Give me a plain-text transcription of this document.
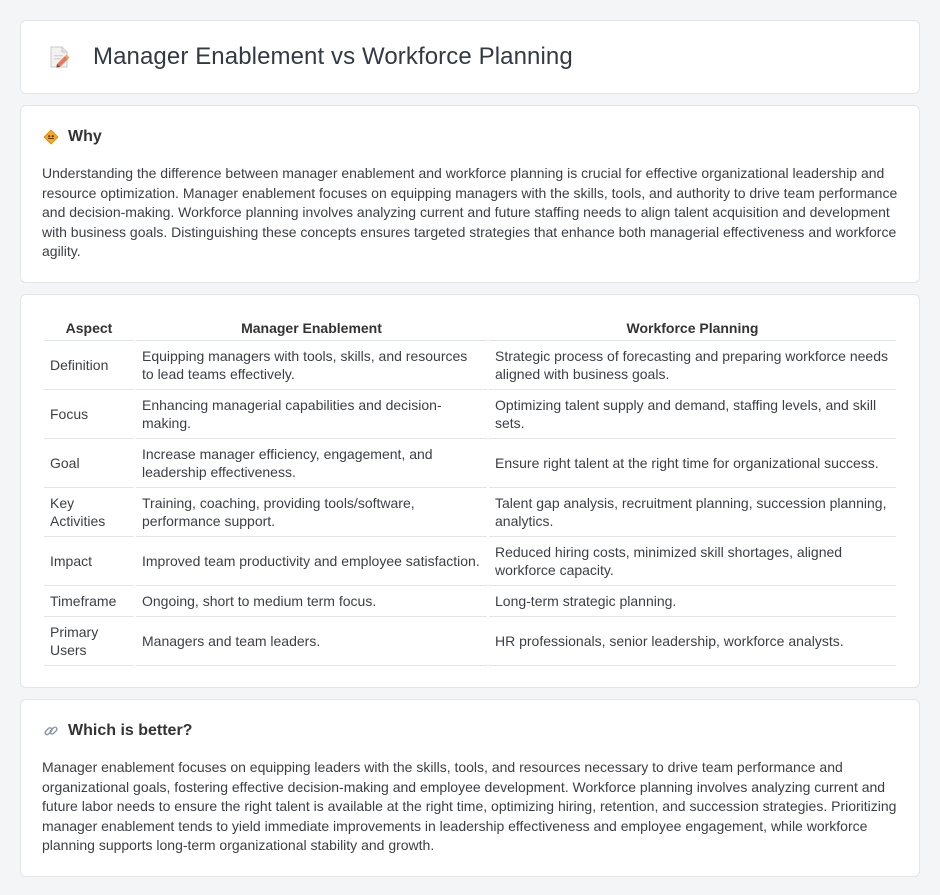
Manager Enablement vs Workforce Planning
Why

Understanding the difference between manager enablement and workforce planning is crucial for effective organizational leadership and resource optimization. Manager enablement focuses on equipping managers with the skills, tools, and authority to drive team performance and decision-making. Workforce planning involves analyzing current and future staffing needs to align talent acquisition and development with business goals. Distinguishing these concepts ensures targeted strategies that enhance both managerial effectiveness and workforce agility.

Aspect	Manager Enablement	Workforce Planning
Definition	Equipping managers with tools, skills, and resources to lead teams effectively.	Strategic process of forecasting and preparing workforce needs aligned with business goals.
Focus	Enhancing managerial capabilities and decision-making.	Optimizing talent supply and demand, staffing levels, and skill sets.
Goal	Increase manager efficiency, engagement, and leadership effectiveness.	Ensure right talent at the right time for organizational success.
Key Activities	Training, coaching, providing tools/software, performance support.	Talent gap analysis, recruitment planning, succession planning, analytics.
Impact	Improved team productivity and employee satisfaction.	Reduced hiring costs, minimized skill shortages, aligned workforce capacity.
Timeframe	Ongoing, short to medium term focus.	Long-term strategic planning.
Primary Users	Managers and team leaders.	HR professionals, senior leadership, workforce analysts.
Which is better?

Manager enablement focuses on equipping leaders with the skills, tools, and resources necessary to drive team performance and organizational goals, fostering effective decision-making and employee development. Workforce planning involves analyzing current and future labor needs to ensure the right talent is available at the right time, optimizing hiring, retention, and succession strategies. Prioritizing manager enablement tends to yield immediate improvements in leadership effectiveness and employee engagement, while workforce planning supports long-term organizational stability and growth.
